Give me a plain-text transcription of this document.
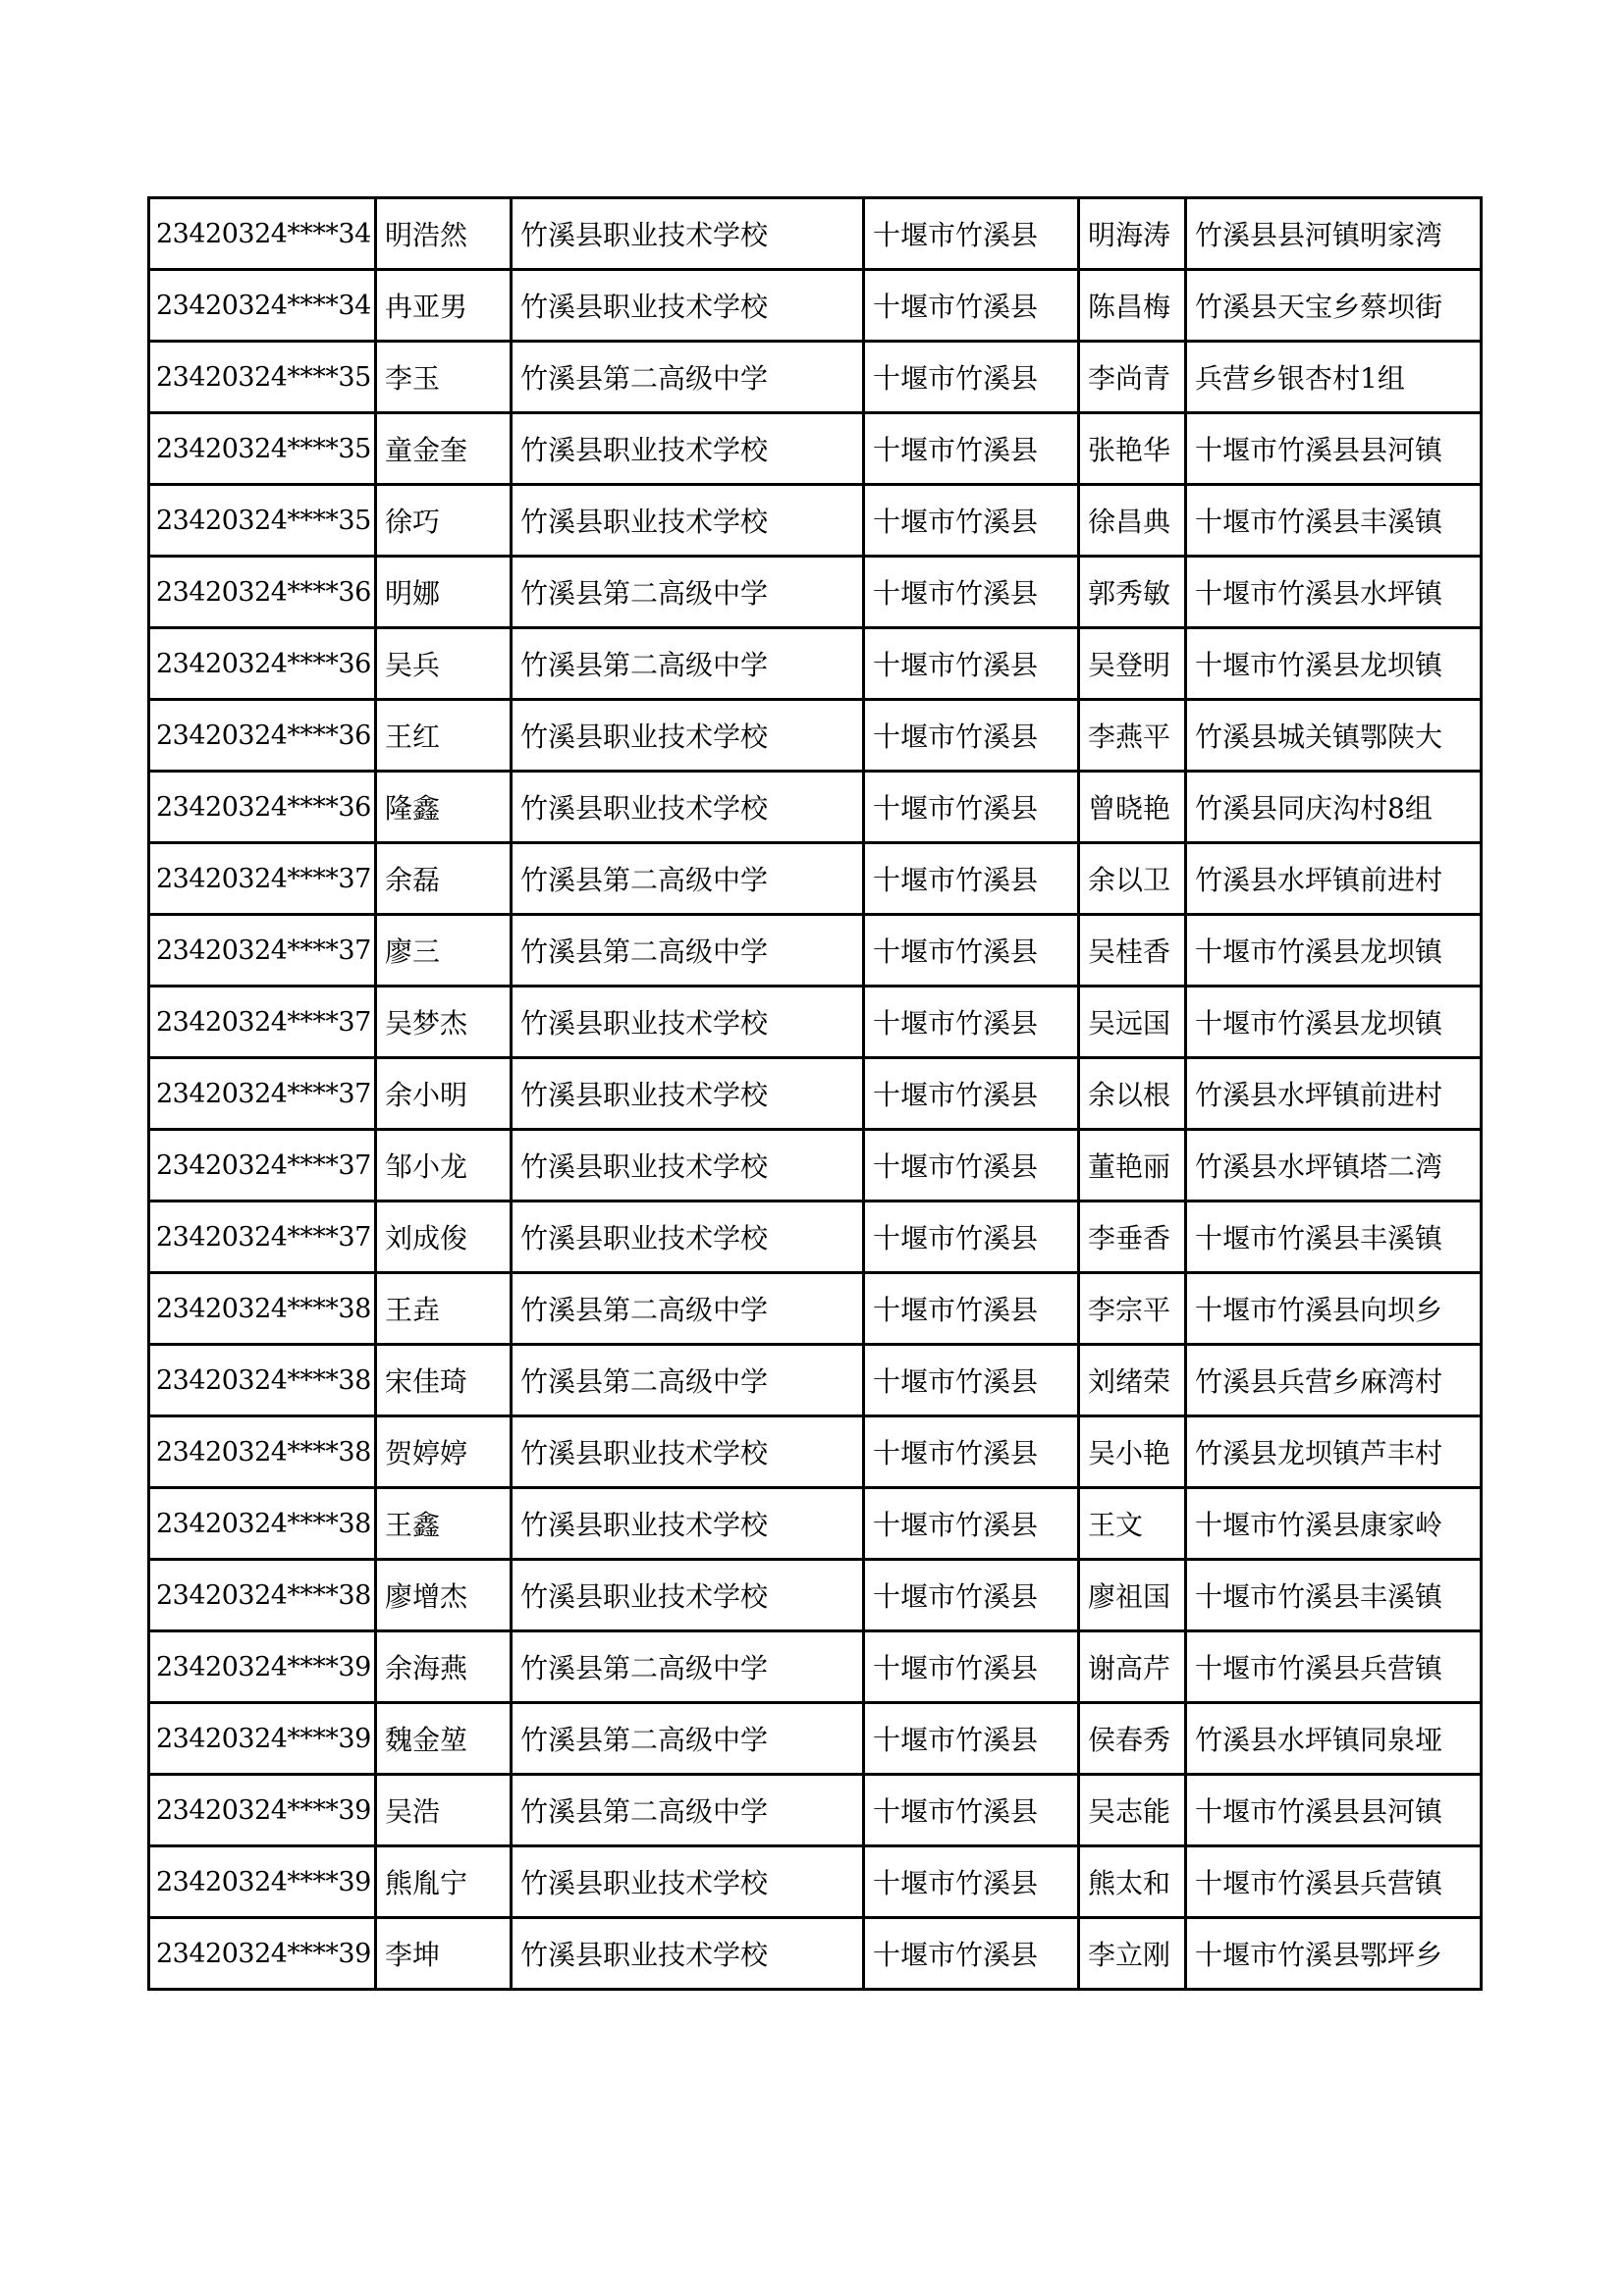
23420324****34	明浩然	竹溪县职业技术学校	十堰市竹溪县	明海涛	竹溪县县河镇明家湾
23420324****34	冉亚男	竹溪县职业技术学校	十堰市竹溪县	陈昌梅	竹溪县天宝乡蔡坝街
23420324****35	李玉	竹溪县第二高级中学	十堰市竹溪县	李尚青	兵营乡银杏村1组
23420324****35	童金奎	竹溪县职业技术学校	十堰市竹溪县	张艳华	十堰市竹溪县县河镇
23420324****35	徐巧	竹溪县职业技术学校	十堰市竹溪县	徐昌典	十堰市竹溪县丰溪镇
23420324****36	明娜	竹溪县第二高级中学	十堰市竹溪县	郭秀敏	十堰市竹溪县水坪镇
23420324****36	吴兵	竹溪县第二高级中学	十堰市竹溪县	吴登明	十堰市竹溪县龙坝镇
23420324****36	王红	竹溪县职业技术学校	十堰市竹溪县	李燕平	竹溪县城关镇鄂陕大
23420324****36	隆鑫	竹溪县职业技术学校	十堰市竹溪县	曾晓艳	竹溪县同庆沟村8组
23420324****37	余磊	竹溪县第二高级中学	十堰市竹溪县	余以卫	竹溪县水坪镇前进村
23420324****37	廖三	竹溪县第二高级中学	十堰市竹溪县	吴桂香	十堰市竹溪县龙坝镇
23420324****37	吴梦杰	竹溪县职业技术学校	十堰市竹溪县	吴远国	十堰市竹溪县龙坝镇
23420324****37	余小明	竹溪县职业技术学校	十堰市竹溪县	余以根	竹溪县水坪镇前进村
23420324****37	邹小龙	竹溪县职业技术学校	十堰市竹溪县	董艳丽	竹溪县水坪镇塔二湾
23420324****37	刘成俊	竹溪县职业技术学校	十堰市竹溪县	李垂香	十堰市竹溪县丰溪镇
23420324****38	王垚	竹溪县第二高级中学	十堰市竹溪县	李宗平	十堰市竹溪县向坝乡
23420324****38	宋佳琦	竹溪县第二高级中学	十堰市竹溪县	刘绪荣	竹溪县兵营乡麻湾村
23420324****38	贺婷婷	竹溪县职业技术学校	十堰市竹溪县	吴小艳	竹溪县龙坝镇芦丰村
23420324****38	王鑫	竹溪县职业技术学校	十堰市竹溪县	王文	十堰市竹溪县康家岭
23420324****38	廖增杰	竹溪县职业技术学校	十堰市竹溪县	廖祖国	十堰市竹溪县丰溪镇
23420324****39	余海燕	竹溪县第二高级中学	十堰市竹溪县	谢高芹	十堰市竹溪县兵营镇
23420324****39	魏金堃	竹溪县第二高级中学	十堰市竹溪县	侯春秀	竹溪县水坪镇同泉垭
23420324****39	吴浩	竹溪县第二高级中学	十堰市竹溪县	吴志能	十堰市竹溪县县河镇
23420324****39	熊胤宁	竹溪县职业技术学校	十堰市竹溪县	熊太和	十堰市竹溪县兵营镇
23420324****39	李坤	竹溪县职业技术学校	十堰市竹溪县	李立刚	十堰市竹溪县鄂坪乡
